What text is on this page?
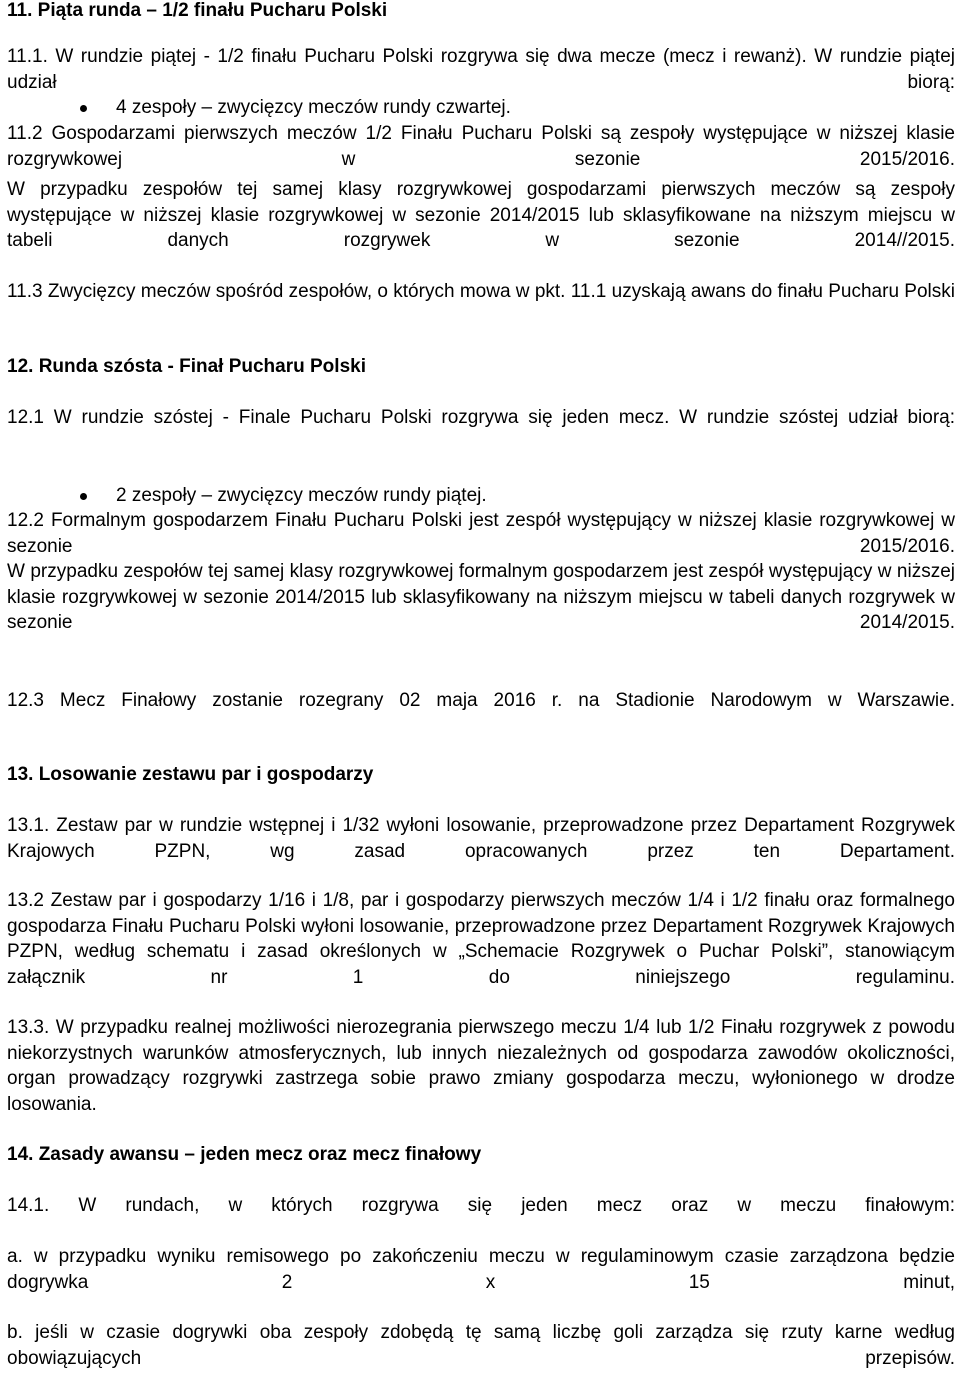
11. Piąta runda – 1/2 finału Pucharu Polski

11.1. W rundzie piątej - 1/2 finału Pucharu Polski rozgrywa się dwa mecze (mecz i rewanż). W rundzie piątej udział biorą:

4 zespoły – zwycięzcy meczów rundy czwartej.

11.2 Gospodarzami pierwszych meczów 1/2 Finału Pucharu Polski są zespoły występujące w niższej klasie rozgrywkowej w sezonie 2015/2016.

W przypadku zespołów tej samej klasy rozgrywkowej gospodarzami pierwszych meczów są zespoły występujące w niższej klasie rozgrywkowej w sezonie 2014/2015 lub sklasyfikowane na niższym miejscu w tabeli danych rozgrywek w sezonie 2014//2015.

11.3 Zwycięzcy meczów spośród zespołów, o których mowa w pkt. 11.1 uzyskają awans do finału Pucharu Polski

12. Runda szósta - Finał Pucharu Polski

12.1 W rundzie szóstej - Finale Pucharu Polski rozgrywa się jeden mecz. W rundzie szóstej udział biorą:

2 zespoły – zwycięzcy meczów rundy piątej.

12.2 Formalnym gospodarzem Finału Pucharu Polski jest zespół występujący w niższej klasie rozgrywkowej w sezonie 2015/2016.

W przypadku zespołów tej samej klasy rozgrywkowej formalnym gospodarzem jest zespół występujący w niższej klasie rozgrywkowej w sezonie 2014/2015 lub sklasyfikowany na niższym miejscu w tabeli danych rozgrywek w sezonie 2014/2015.

12.3 Mecz Finałowy zostanie rozegrany 02 maja 2016 r. na Stadionie Narodowym w Warszawie.

13. Losowanie zestawu par i gospodarzy

13.1. Zestaw par w rundzie wstępnej i 1/32 wyłoni losowanie, przeprowadzone przez Departament Rozgrywek Krajowych PZPN, wg zasad opracowanych przez ten Departament.

13.2 Zestaw par i gospodarzy 1/16 i 1/8, par i gospodarzy pierwszych meczów 1/4 i 1/2 finału oraz formalnego gospodarza Finału Pucharu Polski wyłoni losowanie, przeprowadzone przez Departament Rozgrywek Krajowych PZPN, według schematu i zasad określonych w „Schemacie Rozgrywek o Puchar Polski”, stanowiącym załącznik nr 1 do niniejszego regulaminu.

13.3. W przypadku realnej możliwości nierozegrania pierwszego meczu 1/4 lub 1/2 Finału rozgrywek z powodu niekorzystnych warunków atmosferycznych, lub innych niezależnych od gospodarza zawodów okoliczności, organ prowadzący rozgrywki zastrzega sobie prawo zmiany gospodarza meczu, wyłonionego w drodze losowania.

14. Zasady awansu – jeden mecz oraz mecz finałowy

14.1. W rundach, w których rozgrywa się jeden mecz oraz w meczu finałowym:

a. w przypadku wyniku remisowego po zakończeniu meczu w regulaminowym czasie zarządzona będzie dogrywka 2 x 15 minut,

b. jeśli w czasie dogrywki oba zespoły zdobędą tę samą liczbę goli zarządza się rzuty karne według obowiązujących przepisów.
